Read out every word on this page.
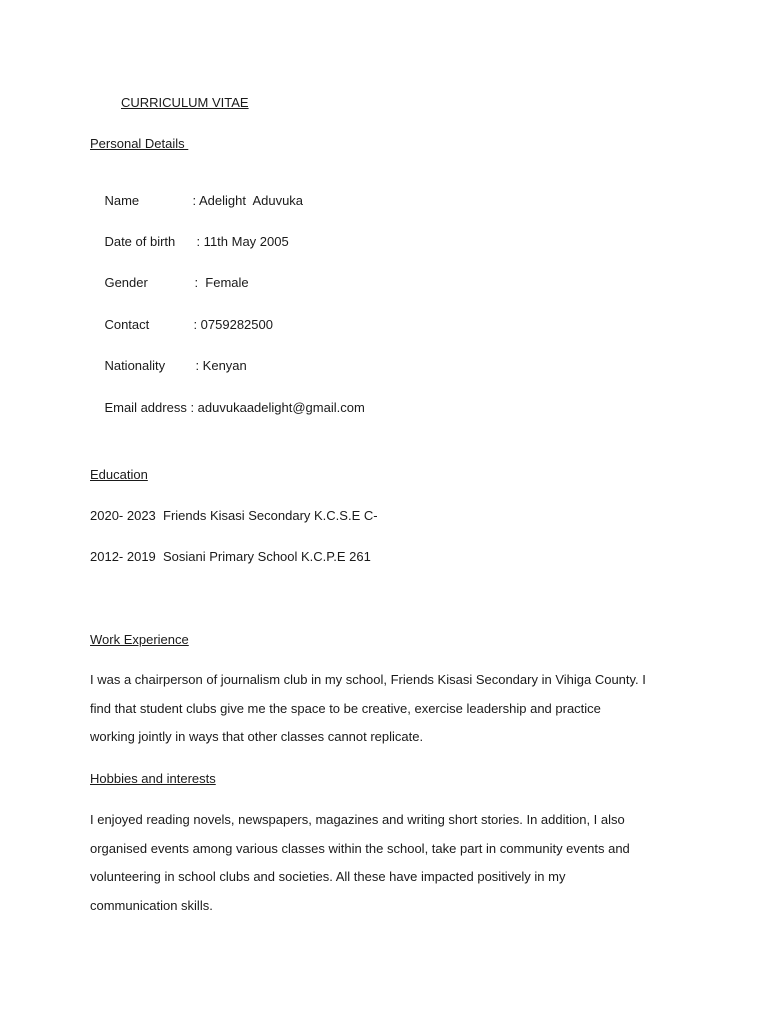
CURRICULUM VITAE
Personal Details

Name	: Adelight  Aduvuka

Date of birth : 11th May 2005

Gender	:  Female

Contact	: 0759282500

Nationality : Kenyan

Email address : aduvukaadelight@gmail.com

Education
2020- 2023  Friends Kisasi Secondary K.C.S.E C-
2012- 2019  Sosiani Primary School K.C.P.E 261
Work Experience
I was a chairperson of journalism club in my school, Friends Kisasi Secondary in Vihiga County. I
find that student clubs give me the space to be creative, exercise leadership and practice
working jointly in ways that other classes cannot replicate.
Hobbies and interests
I enjoyed reading novels, newspapers, magazines and writing short stories. In addition, I also
organised events among various classes within the school, take part in community events and
volunteering in school clubs and societies. All these have impacted positively in my
communication skills.
